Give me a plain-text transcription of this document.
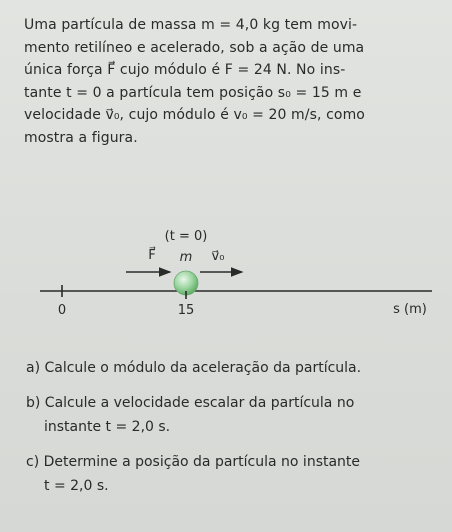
Uma partícula de massa m = 4,0 kg tem movi-
mento retilíneo e acelerado, sob a ação de uma
única força F⃗ cujo módulo é F = 24 N. No ins-
tante t = 0 a partícula tem posição s₀ = 15 m e
velocidade v⃗₀, cujo módulo é v₀ = 20 m/s, como
mostra a figura.
(t = 0)
F⃗ m v⃗₀
0	15	s (m)
a) Calcule o módulo da aceleração da partícula.
b) Calcule a velocidade escalar da partícula no
instante t = 2,0 s.
c) Determine a posição da partícula no instante
t = 2,0 s.
